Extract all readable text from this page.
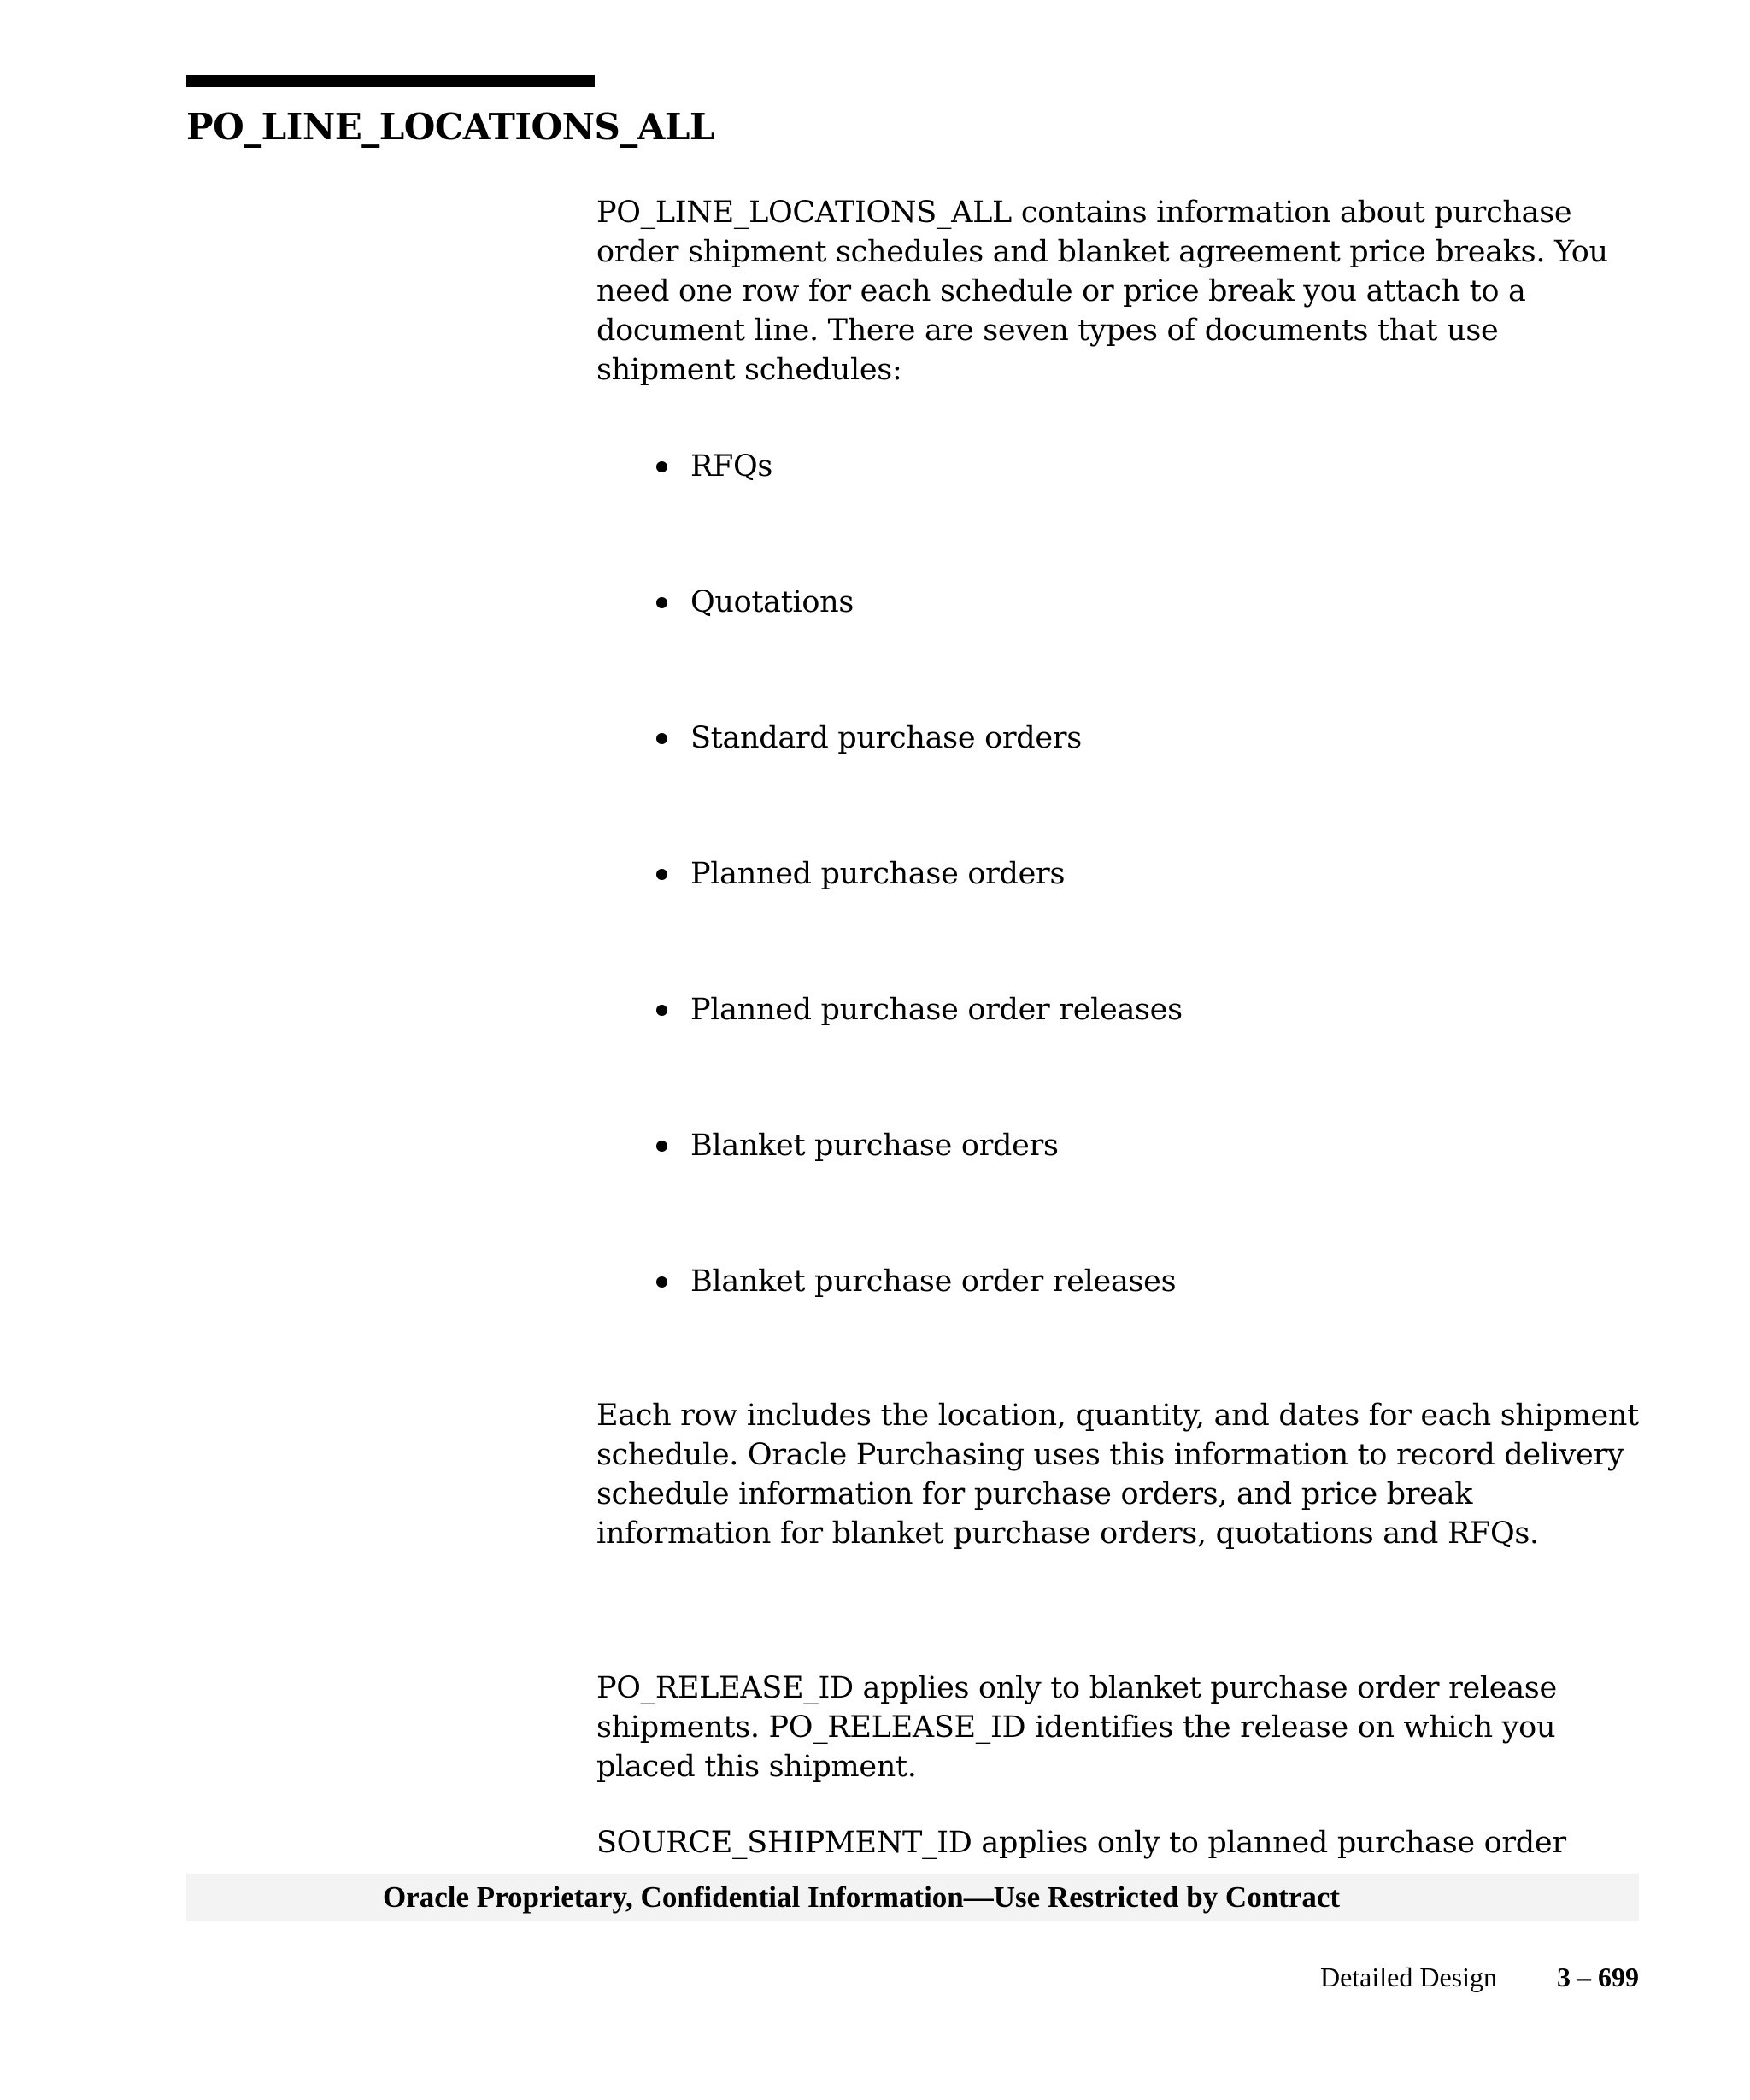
PO_LINE_LOCATIONS_ALL

PO_LINE_LOCATIONS_ALL contains information about purchase order shipment schedules and blanket agreement price breaks. You need one row for each schedule or price break you attach to a document line. There are seven types of documents that use shipment schedules:

RFQs
Quotations
Standard purchase orders
Planned purchase orders
Planned purchase order releases
Blanket purchase orders
Blanket purchase order releases

Each row includes the location, quantity, and dates for each shipment schedule. Oracle Purchasing uses this information to record delivery schedule information for purchase orders, and price break information for blanket purchase orders, quotations and RFQs.

PO_RELEASE_ID applies only to blanket purchase order release shipments. PO_RELEASE_ID identifies the release on which you placed this shipment.

SOURCE_SHIPMENT_ID applies only to planned purchase order

Oracle Proprietary, Confidential Information––Use Restricted by Contract
Detailed Design 3 – 699
